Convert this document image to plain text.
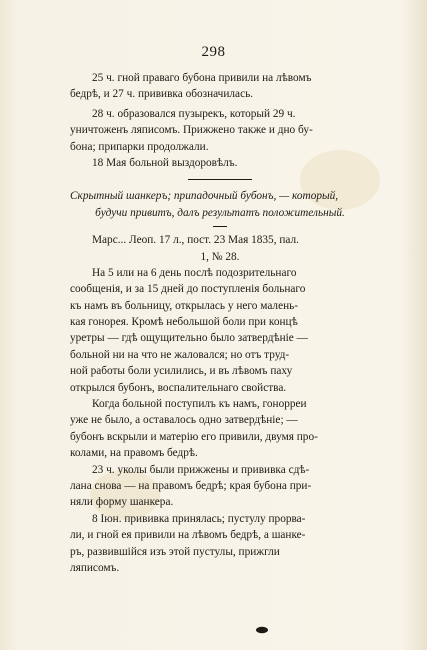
298
25 ч. гной праваго бубона привили на лѣвомъ
бедрѣ, и 27 ч. прививка обозначилась.
28 ч. образовался пузырекъ, который 29 ч.
уничтоженъ ляписомъ. Прижжено также и дно бу-
бона; припарки продолжали.
18 Мая больной выздоровѣлъ.
Скрытный шанкеръ; припадочный бубонъ, — который,
будучи привитъ, далъ результатъ положительный.
Марс... Леоп. 17 л., пост. 23 Мая 1835, пал.
1, № 28.
На 5 или на 6 день послѣ подозрительнаго
сообщенія, и за 15 дней до поступленія больнаго
къ намъ въ больницу, открылась у него малень-
кая гонорея. Кромѣ небольшой боли при концѣ
уретры — гдѣ ощущительно было затвердѣніе —
больной ни на что не жаловался; но отъ труд-
ной работы боли усилились, и въ лѣвомъ паху
открылся бубонъ, воспалительнаго свойства.
Когда больной поступилъ къ намъ, гонорреи
уже не было, а оставалось одно затвердѣніе; —
бубонъ вскрыли и матерію его привили, двумя про-
колами, на правомъ бедрѣ.
23 ч. уколы были прижжены и прививка сдѣ-
лана снова — на правомъ бедрѣ; края бубона при-
няли форму шанкера.
8 Iюн. прививка принялась; пустулу прорва-
ли, и гной ея привили на лѣвомъ бедрѣ, а шанке-
ръ, развившійся изъ этой пустулы, прижгли
ляписомъ.
